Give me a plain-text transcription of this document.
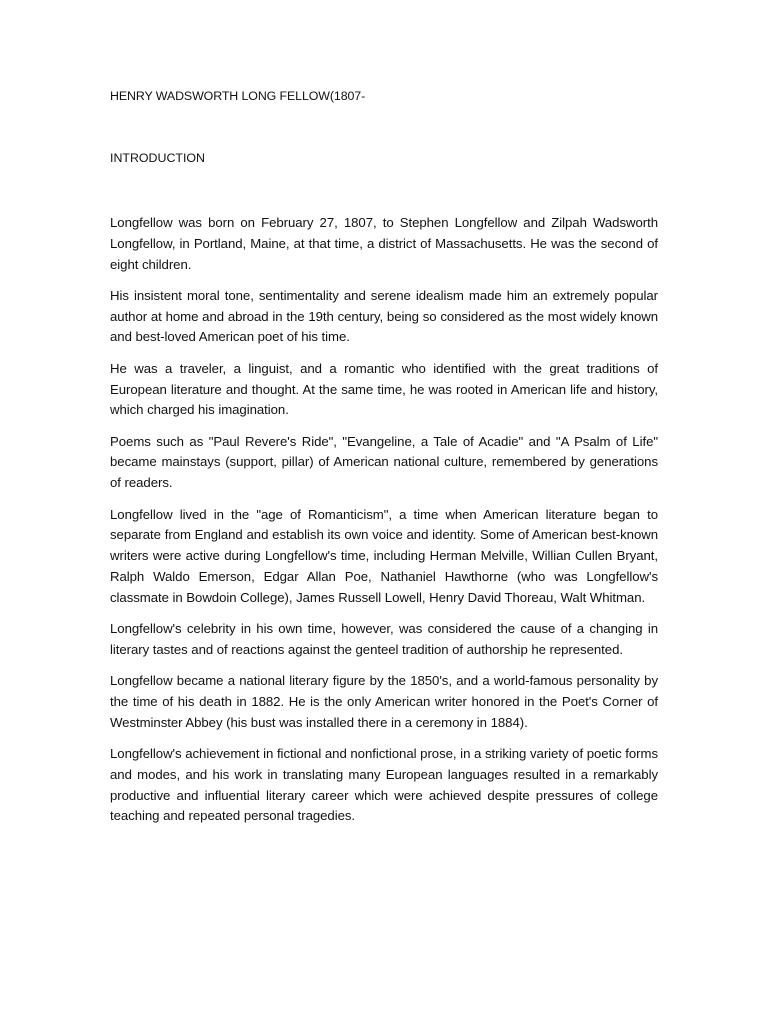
HENRY WADSWORTH LONG FELLOW(1807-
INTRODUCTION

Longfellow was born on February 27, 1807, to Stephen Longfellow and Zilpah Wadsworth Longfellow, in Portland, Maine, at that time, a district of Massachusetts. He was the second of eight children.

His insistent moral tone, sentimentality and serene idealism made him an extremely popular author at home and abroad in the 19th century, being so considered as the most widely known and best-loved American poet of his time.

He was a traveler, a linguist, and a romantic who identified with the great traditions of European literature and thought. At the same time, he was rooted in American life and history, which charged his imagination.

Poems such as "Paul Revere's Ride", "Evangeline, a Tale of Acadie" and "A Psalm of Life" became mainstays (support, pillar) of American national culture, remembered by generations of readers.

Longfellow lived in the "age of Romanticism", a time when American literature began to separate from England and establish its own voice and identity. Some of American best-known writers were active during Longfellow's time, including Herman Melville, Willian Cullen Bryant, Ralph Waldo Emerson, Edgar Allan Poe, Nathaniel Hawthorne (who was Longfellow's classmate in Bowdoin College), James Russell Lowell, Henry David Thoreau, Walt Whitman.

Longfellow's celebrity in his own time, however, was considered the cause of a changing in literary tastes and of reactions against the genteel tradition of authorship he represented.

Longfellow became a national literary figure by the 1850's, and a world-famous personality by the time of his death in 1882. He is the only American writer honored in the Poet's Corner of Westminster Abbey (his bust was installed there in a ceremony in 1884).

Longfellow's achievement in fictional and nonfictional prose, in a striking variety of poetic forms and modes, and his work in translating many European languages resulted in a remarkably productive and influential literary career which were achieved despite pressures of college teaching and repeated personal tragedies.
